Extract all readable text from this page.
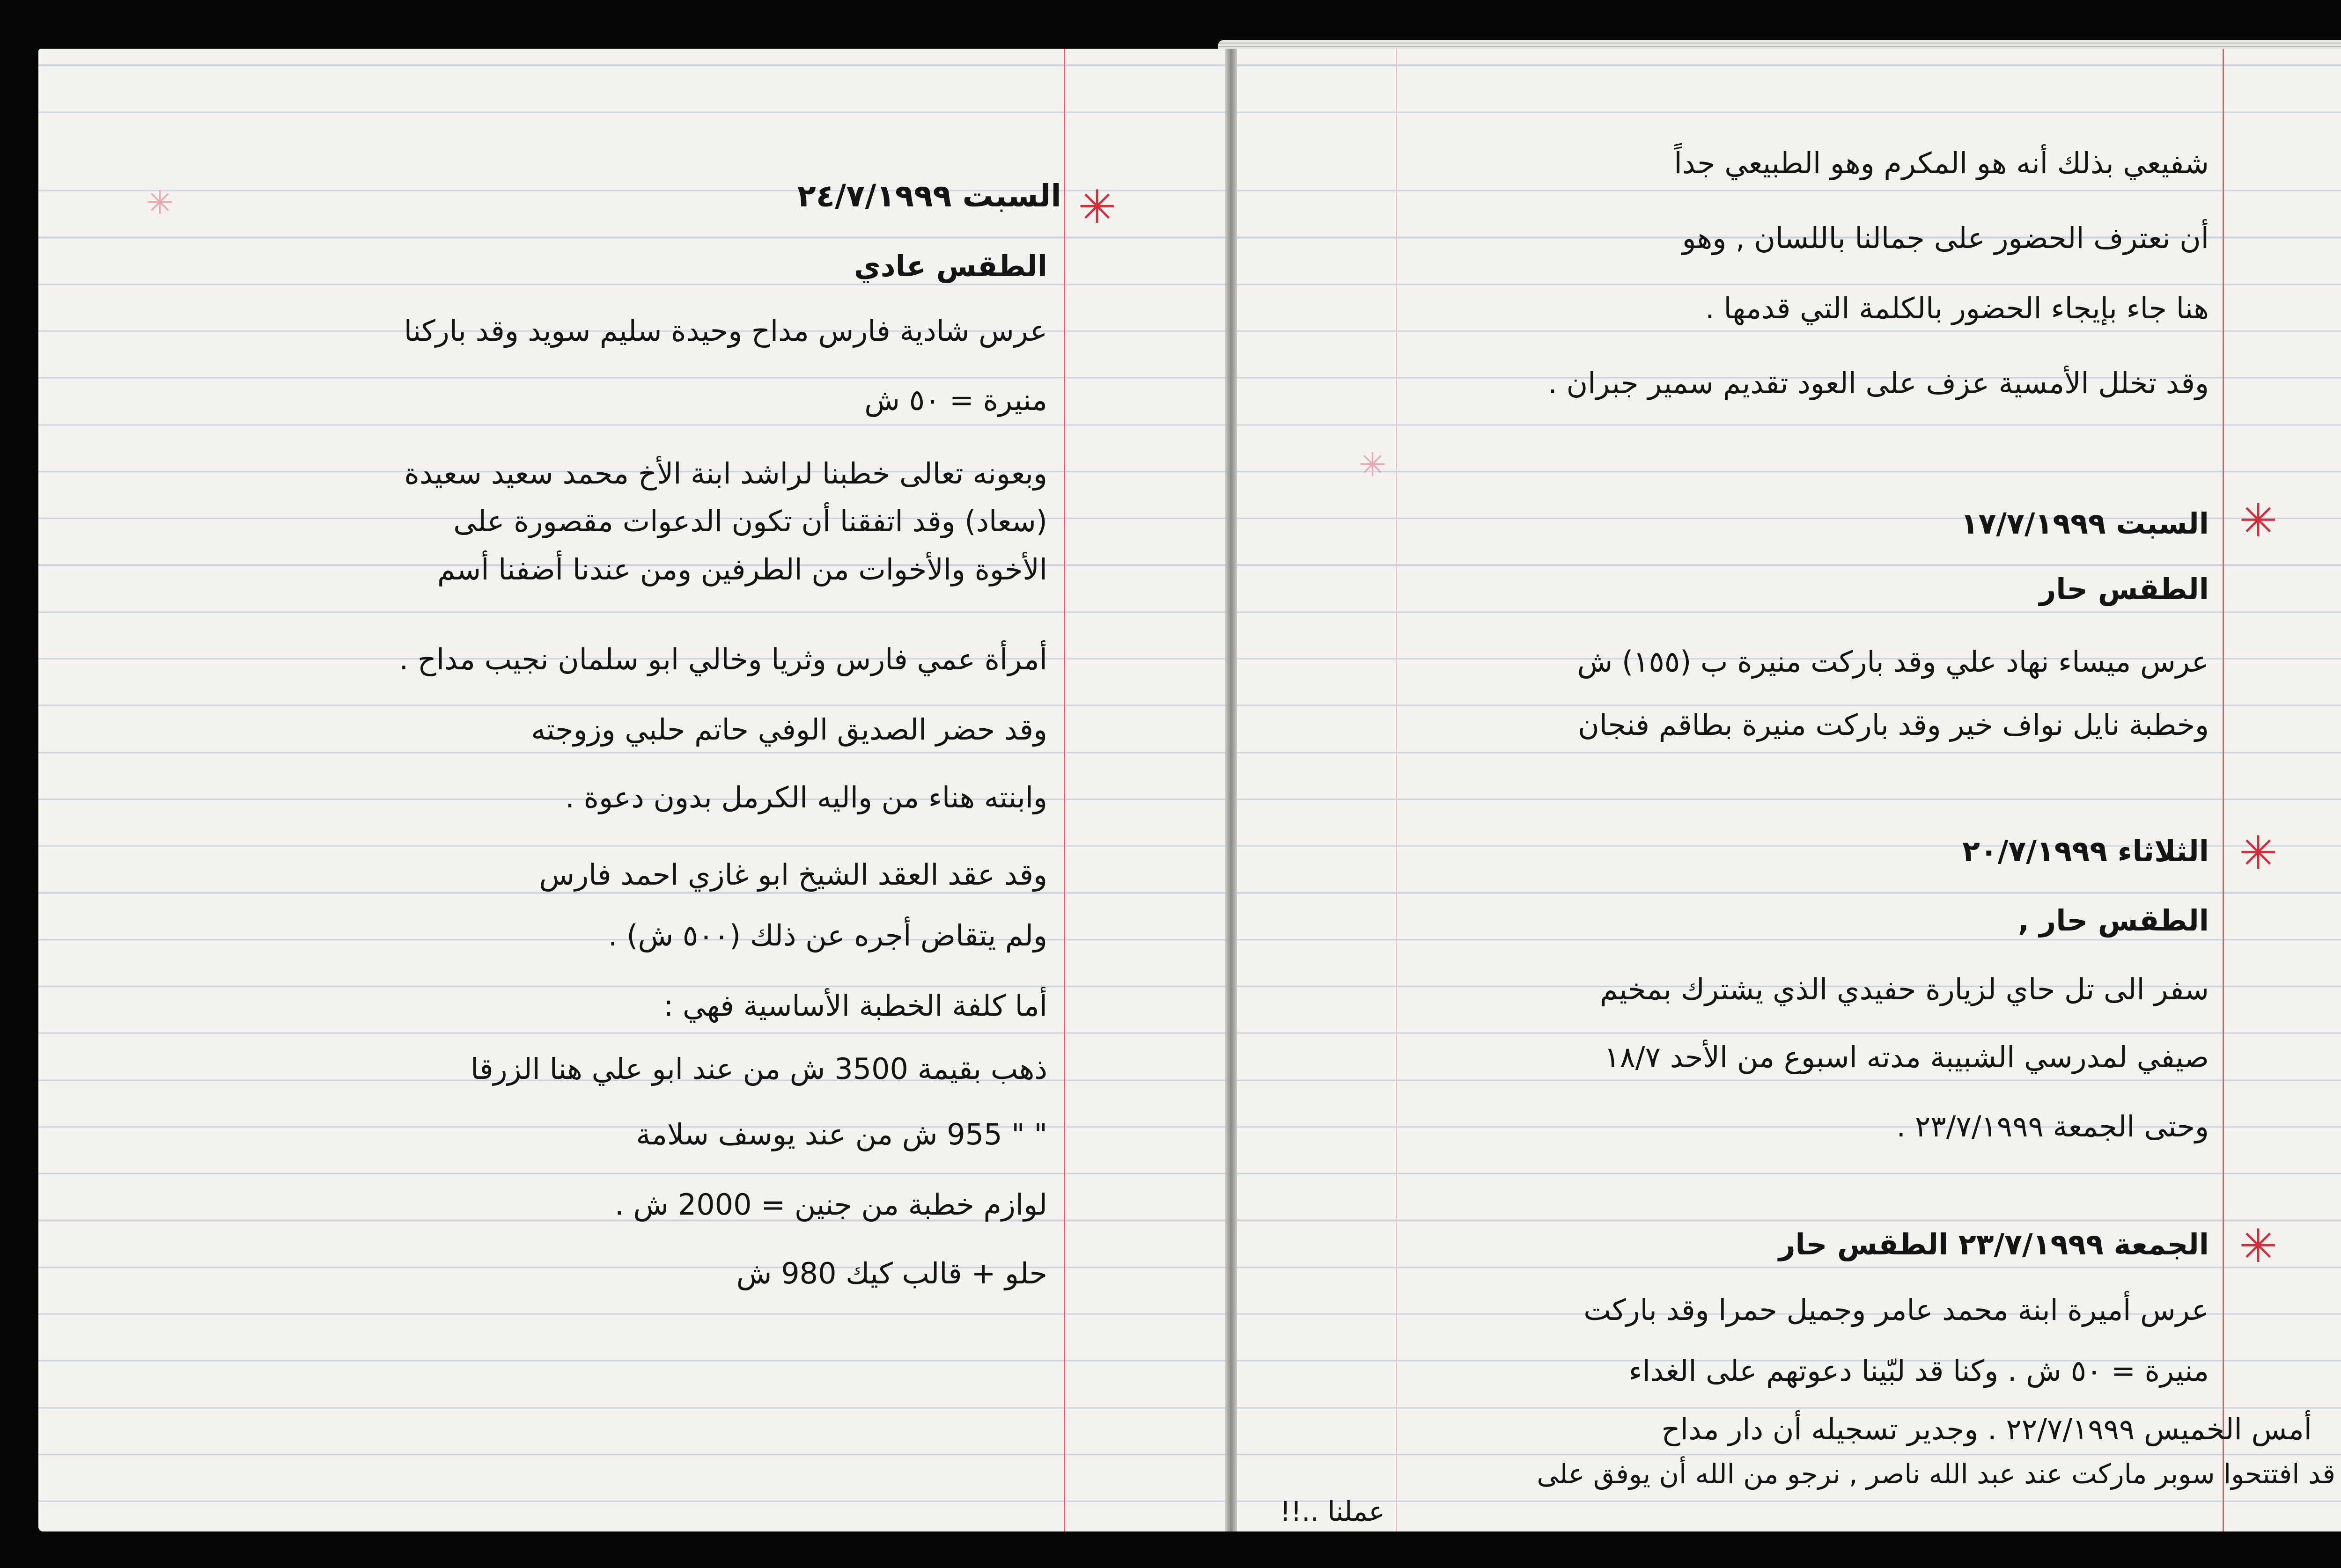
✳	✳
السبت ٢٤/٧/١٩٩٩
الطقس عادي
عرس شادية فارس مداح وحيدة سليم سويد وقد باركنا
منيرة = ٥٠ ش
وبعونه تعالى خطبنا لراشد ابنة الأخ محمد سعيد سعيدة
(سعاد) وقد اتفقنا أن تكون الدعوات مقصورة على
الأخوة والأخوات من الطرفين ومن عندنا أضفنا أسم
أمرأة عمي فارس وثريا وخالي ابو سلمان نجيب مداح .
وقد حضر الصديق الوفي حاتم حلبي وزوجته
وابنته هناء من واليه الكرمل بدون دعوة .
وقد عقد العقد الشيخ ابو غازي احمد فارس
ولم يتقاض أجره عن ذلك (٥٠٠ ش) .
أما كلفة الخطبة الأساسية فهي :
ذهب بقيمة 3500 ش من عند ابو علي هنا الزرقا
" " 955 ش من عند يوسف سلامة
لوازم خطبة من جنين = 2000 ش .
حلو + قالب كيك 980 ش
✳
✳
✳
✳
شفيعي بذلك أنه هو المكرم وهو الطبيعي جداً
أن نعترف الحضور على جمالنا باللسان , وهو
هنا جاء بإيجاء الحضور بالكلمة التي قدمها .
وقد تخلل الأمسية عزف على العود تقديم سمير جبران .
السبت ١٧/٧/١٩٩٩
الطقس حار
عرس ميساء نهاد علي وقد باركت منيرة ب (١٥٥) ش
وخطبة نايل نواف خير وقد باركت منيرة بطاقم فنجان
الثلاثاء ٢٠/٧/١٩٩٩
الطقس حار ,
سفر الى تل حاي لزيارة حفيدي الذي يشترك بمخيم
صيفي لمدرسي الشبيبة مدته اسبوع من الأحد ١٨/٧
وحتى الجمعة ٢٣/٧/١٩٩٩ .
الجمعة ٢٣/٧/١٩٩٩ الطقس حار
عرس أميرة ابنة محمد عامر وجميل حمرا وقد باركت
منيرة = ٥٠ ش . وكنا قد لبّينا دعوتهم على الغداء
أمس الخميس ٢٢/٧/١٩٩٩ . وجدير تسجيله أن دار مداح
قد افتتحوا سوبر ماركت عند عبد الله ناصر , نرجو من الله أن يوفق على
عملنا ..!!
